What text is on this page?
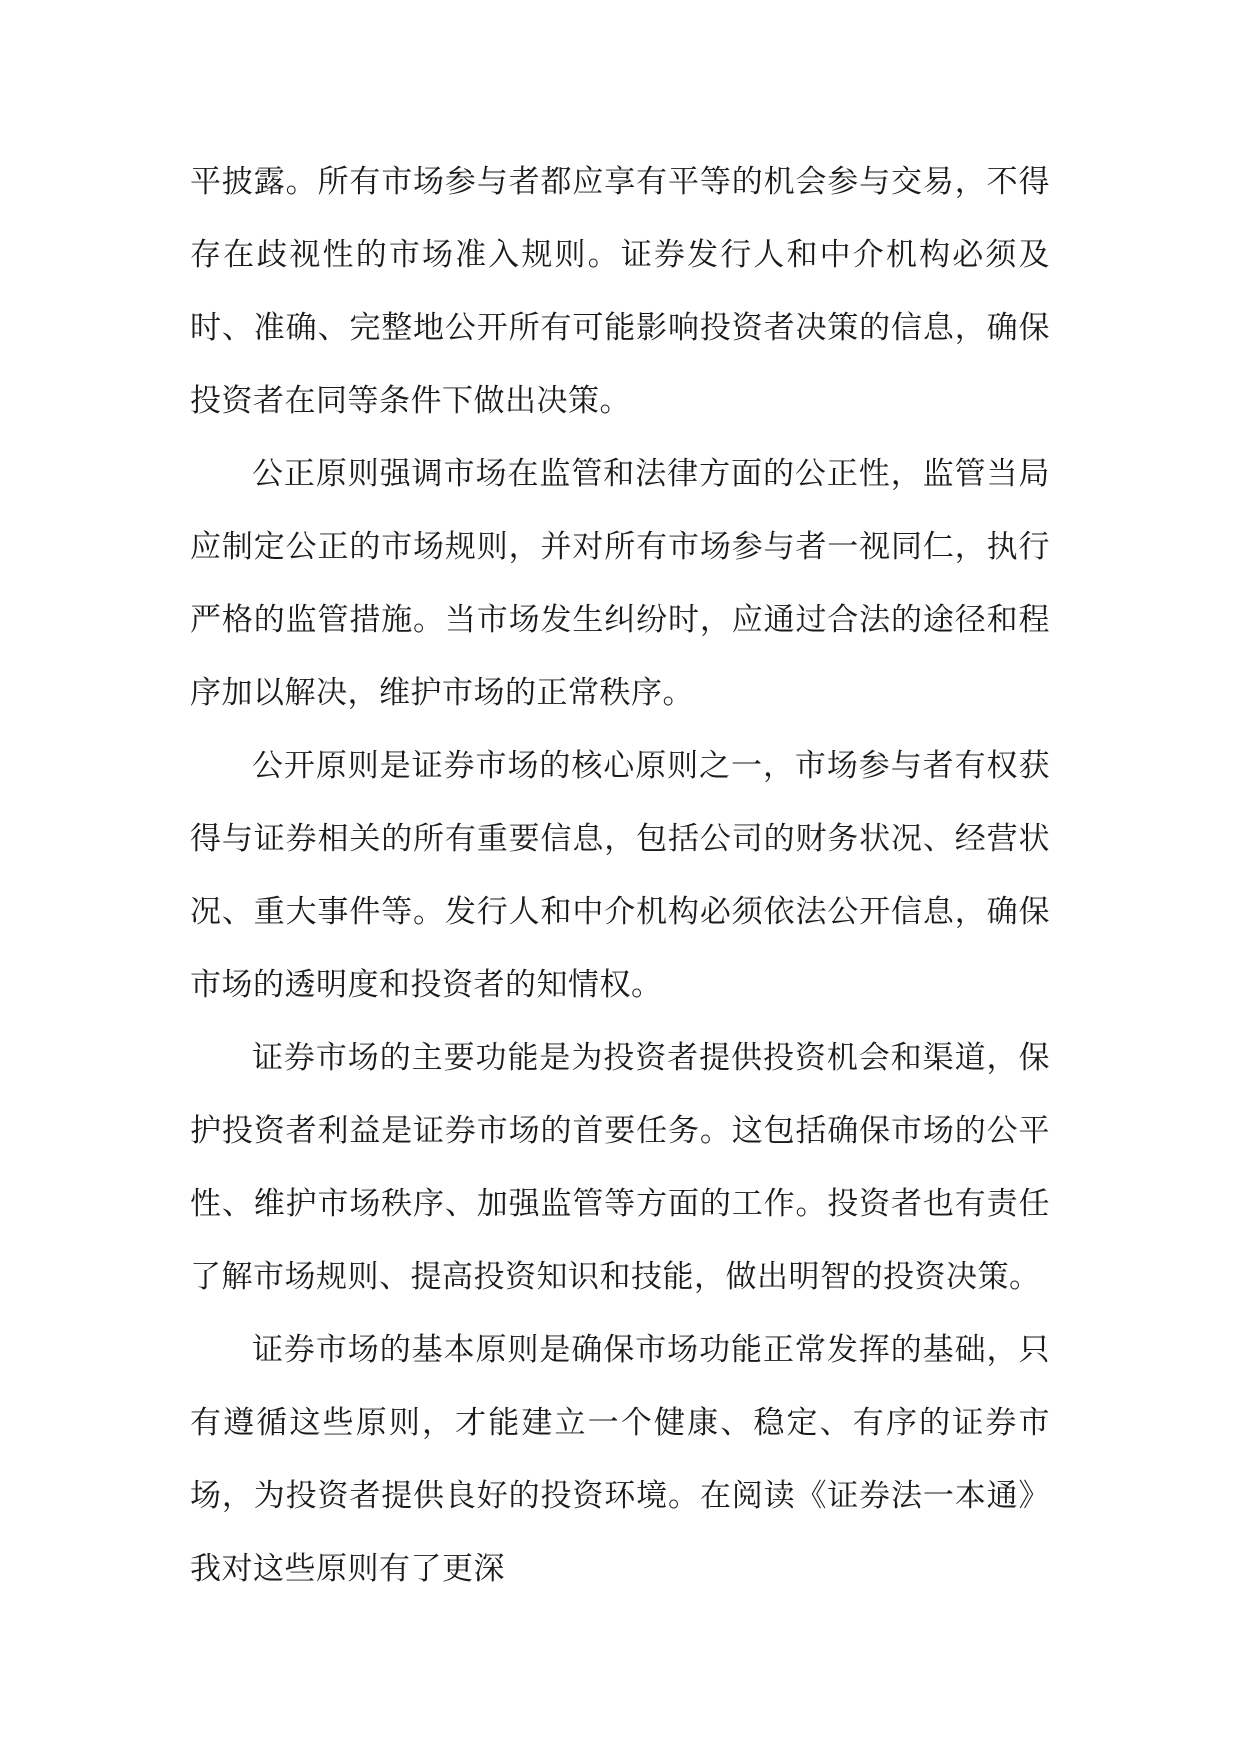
平披露。所有市场参与者都应享有平等的机会参与交易，不得存在歧视性的市场准入规则。证券发行人和中介机构必须及时、准确、完整地公开所有可能影响投资者决策的信息，确保投资者在同等条件下做出决策。

公正原则强调市场在监管和法律方面的公正性，监管当局应制定公正的市场规则，并对所有市场参与者一视同仁，执行严格的监管措施。当市场发生纠纷时，应通过合法的途径和程序加以解决，维护市场的正常秩序。

公开原则是证券市场的核心原则之一，市场参与者有权获得与证券相关的所有重要信息，包括公司的财务状况、经营状况、重大事件等。发行人和中介机构必须依法公开信息，确保市场的透明度和投资者的知情权。

证券市场的主要功能是为投资者提供投资机会和渠道，保护投资者利益是证券市场的首要任务。这包括确保市场的公平性、维护市场秩序、加强监管等方面的工作。投资者也有责任了解市场规则、提高投资知识和技能，做出明智的投资决策。

证券市场的基本原则是确保市场功能正常发挥的基础，只有遵循这些原则，才能建立一个健康、稳定、有序的证券市场，为投资者提供良好的投资环境。在阅读《证券法一本通》我对这些原则有了更深
